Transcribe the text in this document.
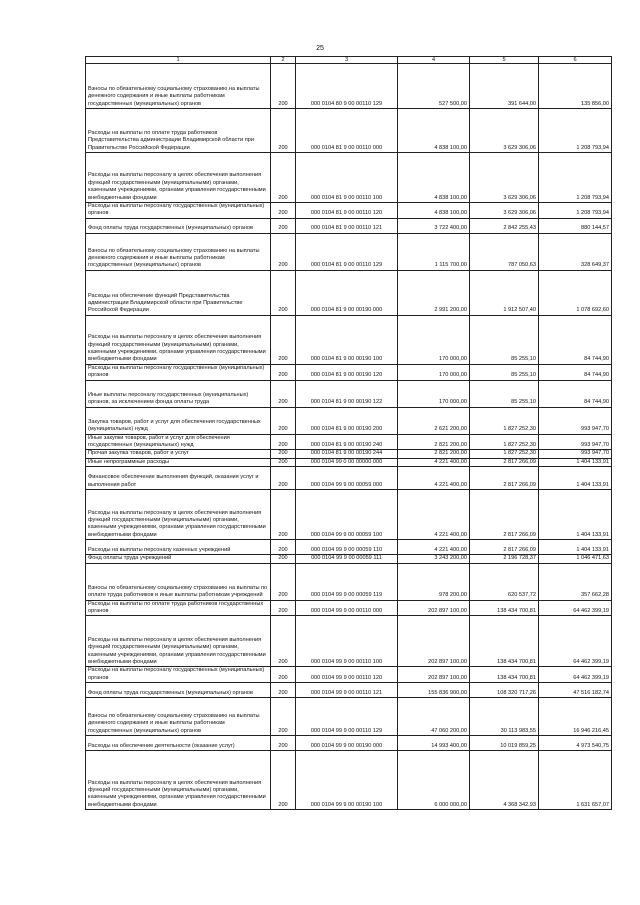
25
1	2	3	4	5	6
Взносы по обязательному социальному страхованию на выплаты денежного содержания и иные выплаты работникам государственных (муниципальных) органов	200	000 0104 80 9 00 00110 129	527 500,00	391 644,00	135 856,00
Расходы на выплаты по оплате труда работников Представительства администрации Владимирской области при Правительстве Российской Федерации	200	000 0104 81 9 00 00110 000	4 838 100,00	3 629 306,06	1 208 793,94
Расходы на выплаты персоналу в целях обеспечения выполнения функций государственными (муниципальными) органами, казенными учреждениями, органами управления государственными внебюджетными фондами	200	000 0104 81 9 00 00110 100	4 838 100,00	3 629 306,06	1 208 793,94
Расходы на выплаты персоналу государственных (муниципальных) органов	200	000 0104 81 9 00 00110 120	4 838 100,00	3 629 306,06	1 208 793,94
Фонд оплаты труда государственных (муниципальных) органов	200	000 0104 81 9 00 00110 121	3 722 400,00	2 842 255,43	880 144,57
Взносы по обязательному социальному страхованию на выплаты денежного содержания и иные выплаты работникам государственных (муниципальных) органов	200	000 0104 81 9 00 00110 129	1 115 700,00	787 050,63	328 649,37
Расходы на обеспечение функций Представительства администрации Владимирской области при Правительстве Российской Федерации	200	000 0104 81 9 00 00190 000	2 991 200,00	1 912 507,40	1 078 692,60
Расходы на выплаты персоналу в целях обеспечения выполнения функций государственными (муниципальными) органами, казенными учреждениями, органами управления государственными внебюджетными фондами	200	000 0104 81 9 00 00190 100	170 000,00	85 255,10	84 744,90
Расходы на выплаты персоналу государственных (муниципальных) органов	200	000 0104 81 9 00 00190 120	170 000,00	85 255,10	84 744,90
Иные выплаты персоналу государственных (муниципальных) органов, за исключением фонда оплаты труда	200	000 0104 81 9 00 00190 122	170 000,00	85 255,10	84 744,90
Закупка товаров, работ и услуг для обеспечения государственных (муниципальных) нужд	200	000 0104 81 9 00 00190 200	2 621 200,00	1 827 252,30	993 947,70
Иные закупки товаров, работ и услуг для обеспечения государственных (муниципальных) нужд	200	000 0104 81 9 00 00190 240	2 821 200,00	1 827 252,30	993 947,70
Прочая закупка товаров, работ и услуг	200	000 0104 81 9 00 00190 244	2 821 200,00	1 827 252,30	993 947,70
Иные непрограммные расходы	200	000 0104 99 0 00 00000 000	4 221 400,00	2 817 266,09	1 404 133,91
Финансовое обеспечение выполнения функций, оказания услуг и выполнения работ	200	000 0104 99 9 00 00059 000	4 221 400,00	2 817 266,09	1 404 133,91
Расходы на выплаты персоналу в целях обеспечения выполнения функций государственными (муниципальными) органами, казенными учреждениями, органами управления государственными внебюджетными фондами	200	000 0104 99 9 00 00059 100	4 221 400,00	2 817 266,09	1 404 133,91
Расходы на выплаты персоналу казенных учреждений	200	000 0104 99 9 00 00059 110	4 221 400,00	2 817 266,09	1 404 133,91
Фонд оплаты труда учреждений	200	000 0104 99 9 00 00059 111	3 243 200,00	2 196 728,37	1 046 471,63
Взносы по обязательному социальному страхованию на выплаты по оплате труда работников и иные выплаты работникам учреждений	200	000 0104 99 9 00 00059 119	978 200,00	620 537,72	357 662,28
Расходы на выплаты по оплате труда работников государственных органов	200	000 0104 99 9 00 00110 000	202 897 100,00	138 434 700,81	64 462 399,19
Расходы на выплаты персоналу в целях обеспечения выполнения функций государственными (муниципальными) органами, казенными учреждениями, органами управления государственными внебюджетными фондами	200	000 0104 99 9 00 00110 100	202 897 100,00	138 434 700,81	64 462 399,19
Расходы на выплаты персоналу государственных (муниципальных) органов	200	000 0104 99 9 00 00110 120	202 897 100,00	138 434 700,81	64 462 399,19
Фонд оплаты труда государственных (муниципальных) органов	200	000 0104 99 9 00 00110 121	155 836 900,00	108 320 717,26	47 516 182,74
Взносы по обязательному социальному страхованию на выплаты денежного содержания и иные выплаты работникам государственных (муниципальных) органов	200	000 0104 99 9 00 00110 129	47 060 200,00	30 113 983,55	16 946 216,45
Расходы на обеспечение деятельности (оказание услуг)	200	000 0104 99 9 00 00190 000	14 993 400,00	10 019 859,25	4 973 540,75
Расходы на выплаты персоналу в целях обеспечения выполнения функций государственными (муниципальными) органами, казенными учреждениями, органами управления государственными внебюджетными фондами	200	000 0104 99 9 00 00190 100	6 000 000,00	4 368 342,93	1 631 657,07
